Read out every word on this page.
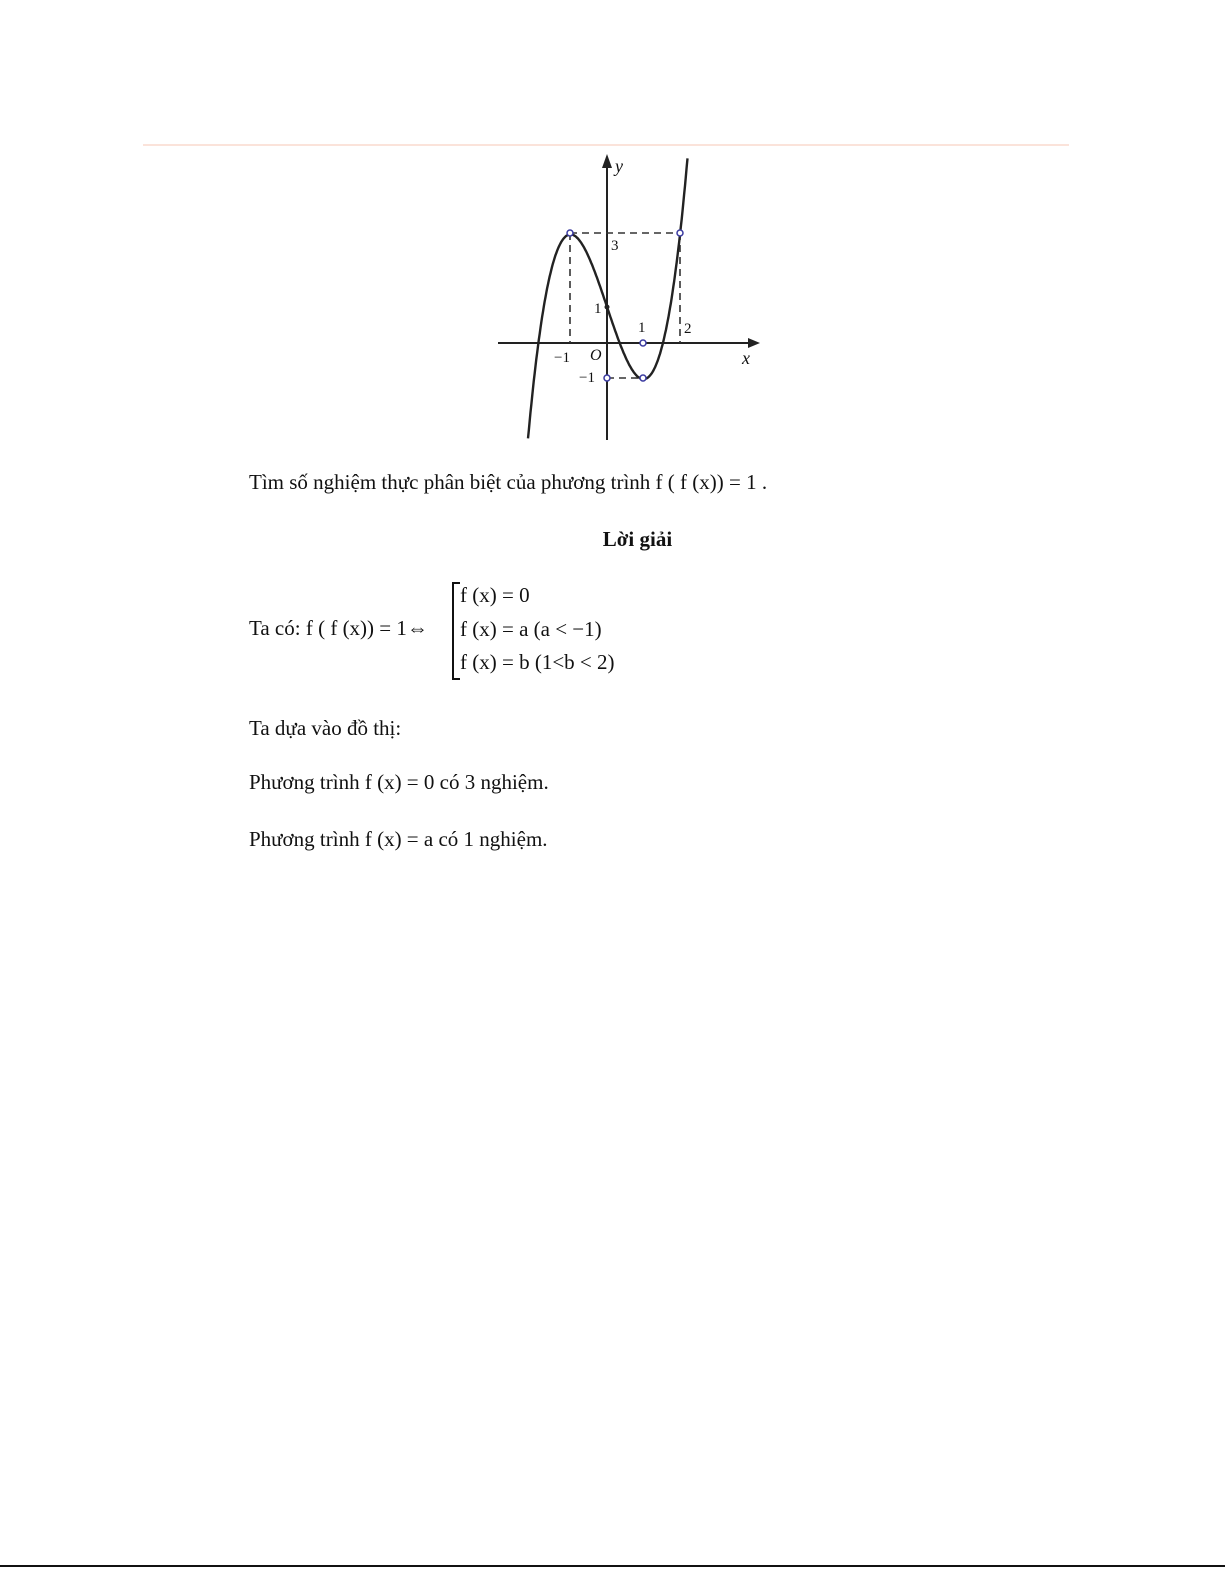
y
x
O
3
1
−1
−1
1	2
Tìm số nghiệm thực phân biệt của phương trình f ( f (x)) = 1 .
Lời giải
Ta có: f ( f (x)) = 1⇔
f (x) = 0
f (x) = a (a < −1)
f (x) = b (1<b < 2)
Ta dựa vào đồ thị:
Phương trình f (x) = 0 có 3 nghiệm.
Phương trình f (x) = a có 1 nghiệm.
